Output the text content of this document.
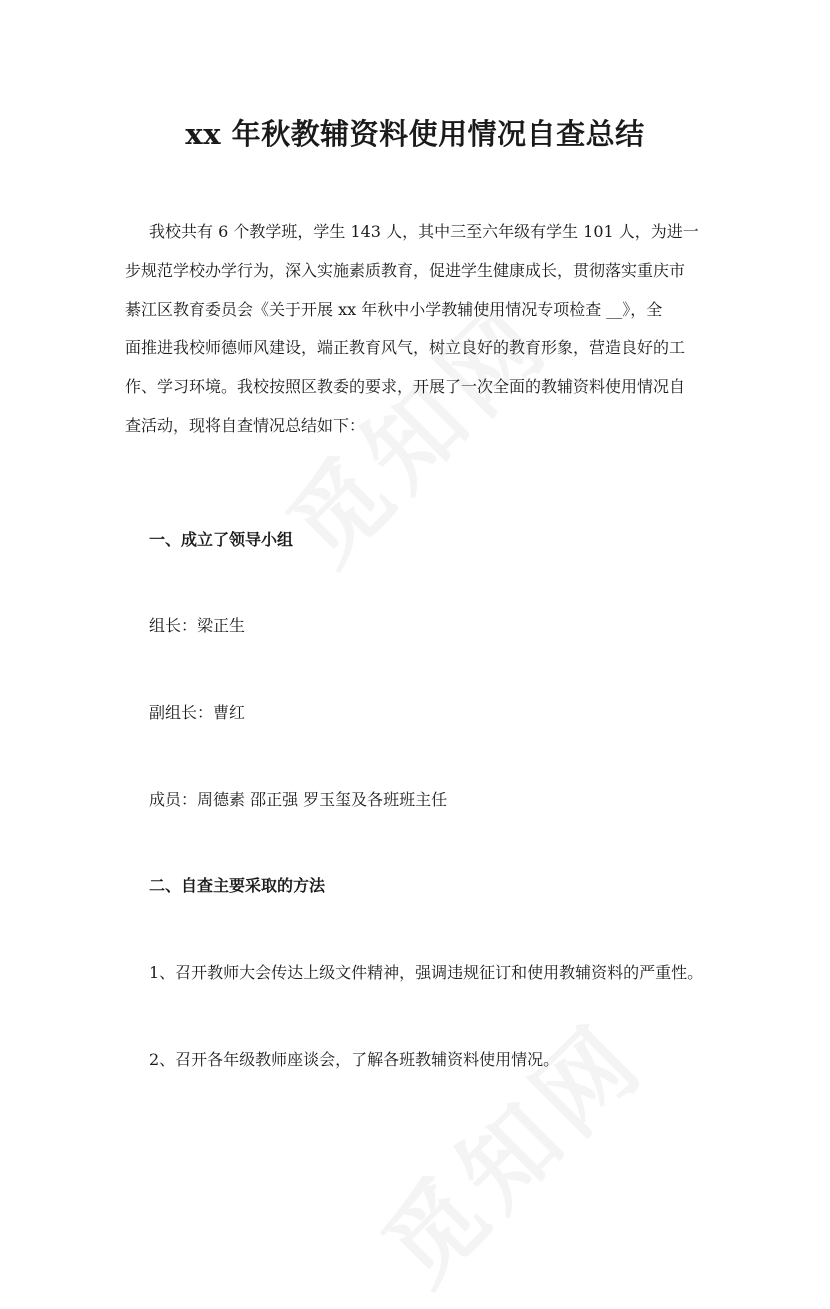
xx 年秋教辅资料使用情况自查总结

我校共有 6 个教学班，学生 143 人，其中三至六年级有学生 101 人，为进一
步规范学校办学行为，深入实施素质教育，促进学生健康成长，贯彻落实重庆市
綦江区教育委员会《关于开展 xx 年秋中小学教辅使用情况专项检查 __》，全
面推进我校师德师风建设，端正教育风气，树立良好的教育形象，营造良好的工
作、学习环境。我校按照区教委的要求，开展了一次全面的教辅资料使用情况自
查活动，现将自查情况总结如下：

一、成立了领导小组
组长：梁正生
副组长：曹红
成员：周德素 邵正强 罗玉玺及各班班主任
二、自查主要采取的方法
1、召开教师大会传达上级文件精神，强调违规征订和使用教辅资料的严重性。
2、召开各年级教师座谈会，了解各班教辅资料使用情况。
